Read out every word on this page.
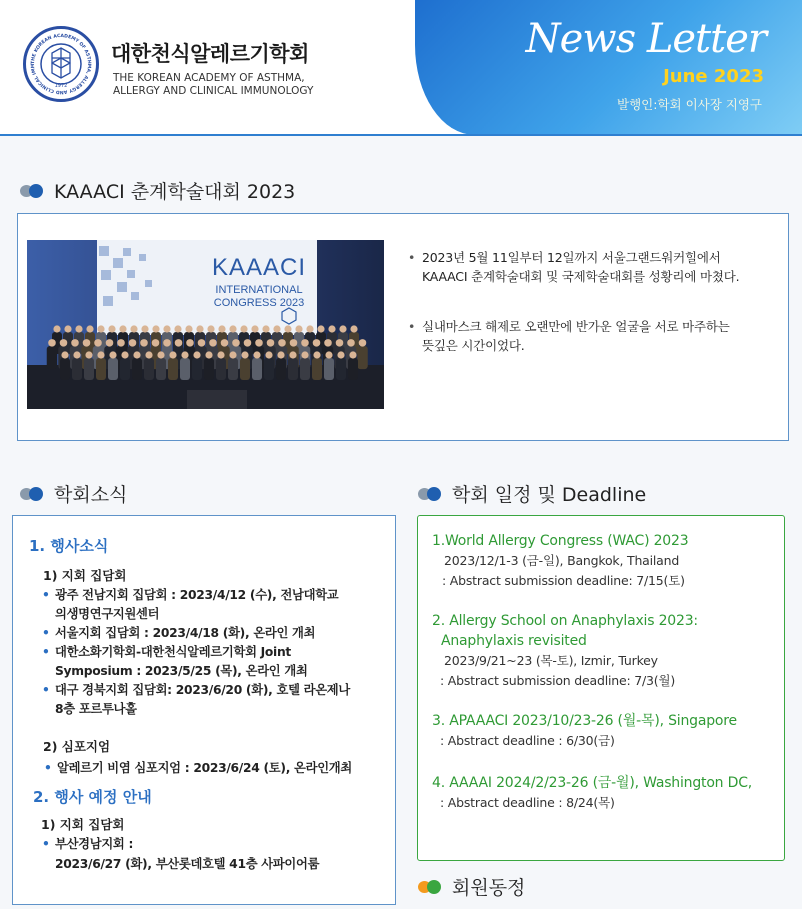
THE KOREAN ACADEMY OF ASTHMA, ALLERGY AND CLINICAL IMM
1972
대한천식알레르기학회
THE KOREAN ACADEMY OF ASTHMA,
ALLERGY AND CLINICAL IMMUNOLOGY
News Letter
June 2023
발행인:학회 이사장 지영구
KAAACI 춘계학술대회 2023
KAAACI
INTERNATIONAL
CONGRESS 2023
• 2023년 5월 11일부터 12일까지 서울그랜드워커힐에서
KAAACI 춘계학술대회 및 국제학술대회를 성황리에 마쳤다.
• 실내마스크 해제로 오랜만에 반가운 얼굴을 서로 마주하는
뜻깊은 시간이었다.
학회소식
1. 행사소식
1) 지회 집담회
• 광주 전남지회 집담회 : 2023/4/12 (수), 전남대학교
의생명연구지원센터
• 서울지회 집담회 : 2023/4/18 (화), 온라인 개최
• 대한소화기학회-대한천식알레르기학회 Joint
Symposium : 2023/5/25 (목), 온라인 개최
• 대구 경북지회 집담회: 2023/6/20 (화), 호텔 라온제나
8층 포르투나홀
2) 심포지엄
• 알레르기 비염 심포지엄 : 2023/6/24 (토), 온라인개최
2. 행사 예정 안내
1) 지회 집담회
• 부산경남지회 :
2023/6/27 (화), 부산롯데호텔 41층 사파이어룸
학회 일정 및 Deadline
1.World Allergy Congress (WAC) 2023
2023/12/1-3 (금-일), Bangkok, Thailand
: Abstract submission deadline: 7/15(토)
2. Allergy School on Anaphylaxis 2023:
Anaphylaxis revisited
2023/9/21~23 (목-토), Izmir, Turkey
: Abstract submission deadline: 7/3(월)
3. APAAACI 2023/10/23-26 (월-목), Singapore
: Abstract deadline : 6/30(금)
4. AAAAI 2024/2/23-26 (금-월), Washington DC,
: Abstract deadline : 8/24(목)
회원동정
